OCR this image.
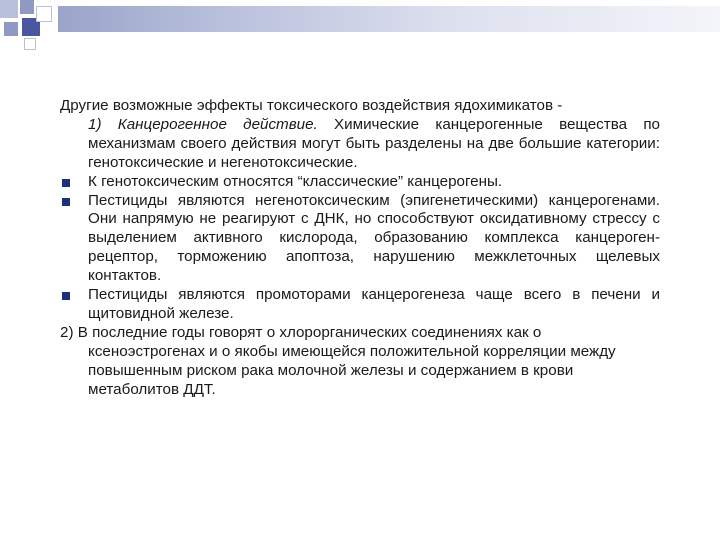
Другие возможные эффекты токсического воздействия ядохимикатов -

1) Канцерогенное действие. Химические канцерогенные вещества по механизмам своего действия могут быть разделены на две большие категории: генотоксические и негенотоксические.

К генотоксическим относятся “классические” канцерогены.

Пестициды являются негенотоксическим (эпигенетическими) канцерогенами. Они напрямую не реагируют с ДНК, но способствуют оксидативному стрессу с выделением активного кислорода, образованию комплекса канцероген-рецептор, торможению апоптоза, нарушению межклеточных щелевых контактов.

Пестициды являются промоторами канцерогенеза чаще всего в печени и щитовидной железе.

2) В последние годы говорят о хлорорганических соединениях как о ксеноэстрогенах и о якобы имеющейся положительной корреляции между повышенным риском рака молочной железы и содержанием в крови метаболитов ДДТ.
